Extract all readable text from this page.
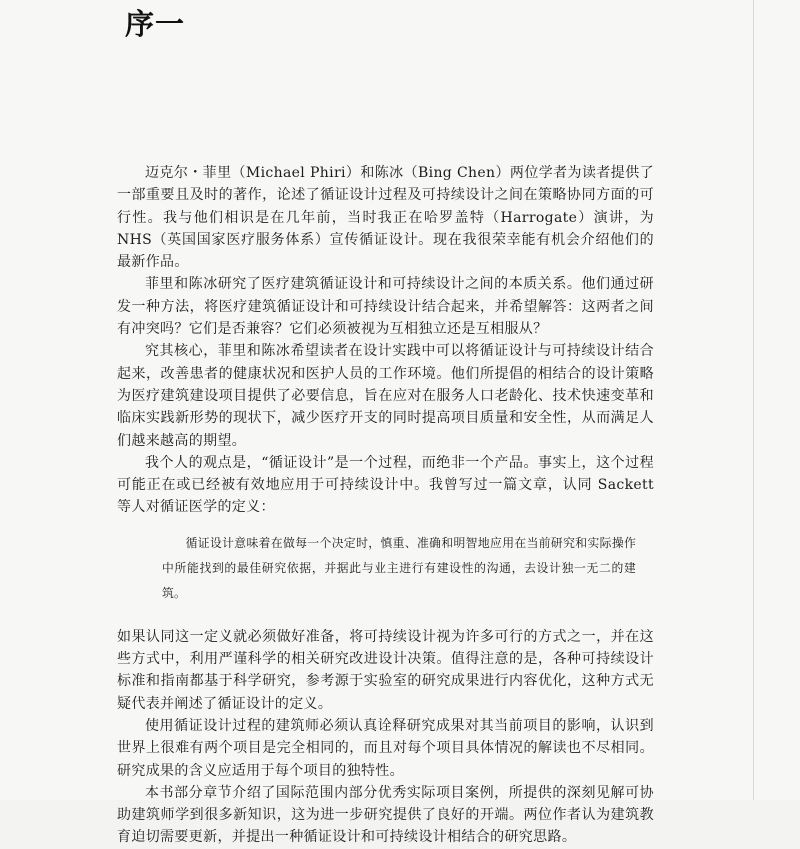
序一

迈克尔・菲里（Michael Phiri）和陈冰（Bing Chen）两位学者为读者提供了一部重要且及时的著作，论述了循证设计过程及可持续设计之间在策略协同方面的可行性。我与他们相识是在几年前，当时我正在哈罗盖特（Harrogate）演讲，为 NHS（英国国家医疗服务体系）宣传循证设计。现在我很荣幸能有机会介绍他们的最新作品。

菲里和陈冰研究了医疗建筑循证设计和可持续设计之间的本质关系。他们通过研发一种方法，将医疗建筑循证设计和可持续设计结合起来，并希望解答：这两者之间有冲突吗？它们是否兼容？它们必须被视为互相独立还是互相服从？

究其核心，菲里和陈冰希望读者在设计实践中可以将循证设计与可持续设计结合起来，改善患者的健康状况和医护人员的工作环境。他们所提倡的相结合的设计策略为医疗建筑建设项目提供了必要信息，旨在应对在服务人口老龄化、技术快速变革和临床实践新形势的现状下，减少医疗开支的同时提高项目质量和安全性，从而满足人们越来越高的期望。

我个人的观点是，“循证设计”是一个过程，而绝非一个产品。事实上，这个过程可能正在或已经被有效地应用于可持续设计中。我曾写过一篇文章，认同 Sackett 等人对循证医学的定义：

循证设计意味着在做每一个决定时，慎重、准确和明智地应用在当前研究和实际操作中所能找到的最佳研究依据，并据此与业主进行有建设性的沟通，去设计独一无二的建筑。

如果认同这一定义就必须做好准备，将可持续设计视为许多可行的方式之一，并在这些方式中，利用严谨科学的相关研究改进设计决策。值得注意的是，各种可持续设计标准和指南都基于科学研究，参考源于实验室的研究成果进行内容优化，这种方式无疑代表并阐述了循证设计的定义。

使用循证设计过程的建筑师必须认真诠释研究成果对其当前项目的影响，认识到世界上很难有两个项目是完全相同的，而且对每个项目具体情况的解读也不尽相同。研究成果的含义应适用于每个项目的独特性。

本书部分章节介绍了国际范围内部分优秀实际项目案例，所提供的深刻见解可协助建筑师学到很多新知识，这为进一步研究提供了良好的开端。两位作者认为建筑教育迫切需要更新，并提出一种循证设计和可持续设计相结合的研究思路。
